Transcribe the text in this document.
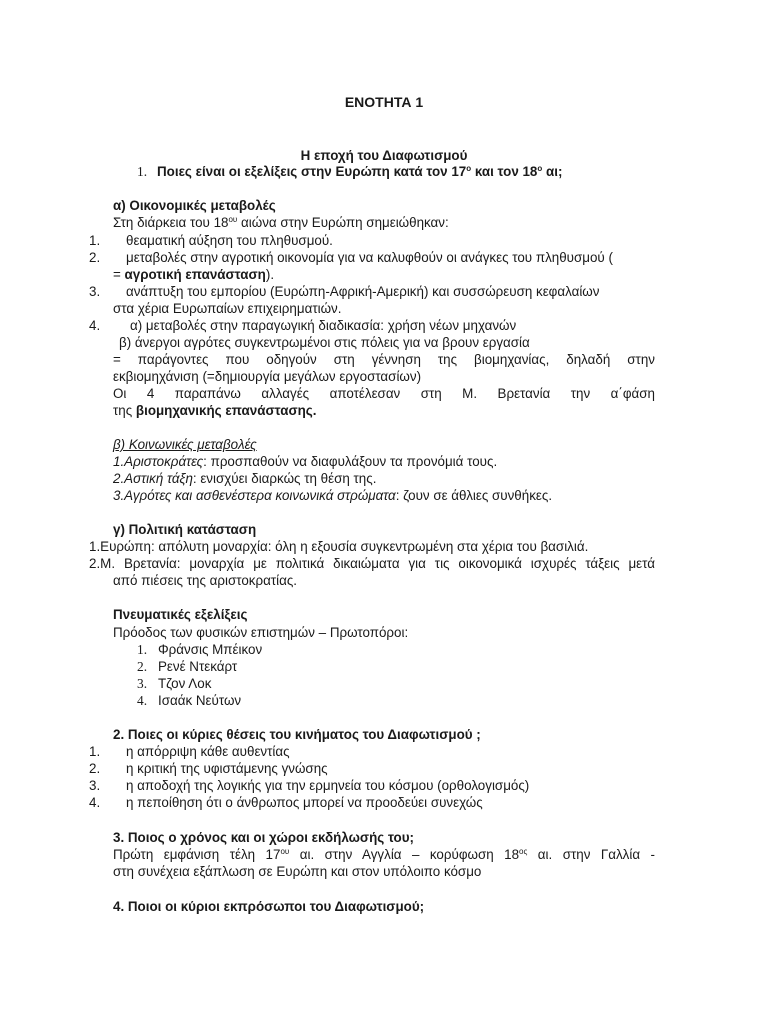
ΕΝΟΤΗΤΑ 1
Η εποχή του Διαφωτισμού
1. Ποιες είναι οι εξελίξεις στην Ευρώπη κατά τον $17^o$ και τον $18^o$ αι;
α) Οικονομικές μεταβολές
Στη διάρκεια του $18^{o\upsilon}$ αιώνα στην Ευρώπη σημειώθηκαν:
1. θεαματική αύξηση του πληθυσμού.
2. μεταβολές στην αγροτική οικονομία για να καλυφθούν οι ανάγκες του πληθυσμού (
= αγροτική επανάσταση).
3. ανάπτυξη του εμπορίου (Ευρώπη-Αφρική-Αμερική) και συσσώρευση κεφαλαίων
στα χέρια Ευρωπαίων επιχειρηματιών.
4. α) μεταβολές στην παραγωγική διαδικασία: χρήση νέων μηχανών
β) άνεργοι αγρότες συγκεντρωμένοι στις πόλεις για να βρουν εργασία
= παράγοντες που οδηγούν στη γέννηση της βιομηχανίας, δηλαδή στην
εκβιομηχάνιση (=δημιουργία μεγάλων εργοστασίων)
Οι 4 παραπάνω αλλαγές αποτέλεσαν στη Μ. Βρετανία την α΄φάση
της βιομηχανικής επανάστασης.
β) Κοινωνικές μεταβολές
1.Αριστοκράτες: προσπαθούν να διαφυλάξουν τα προνόμιά τους.
2.Αστική τάξη: ενισχύει διαρκώς τη θέση της.
3.Αγρότες και ασθενέστερα κοινωνικά στρώματα: ζουν σε άθλιες συνθήκες.
γ) Πολιτική κατάσταση
1.Ευρώπη: απόλυτη μοναρχία: όλη η εξουσία συγκεντρωμένη στα χέρια του βασιλιά.
2.Μ. Βρετανία: μοναρχία με πολιτικά δικαιώματα για τις οικονομικά ισχυρές τάξεις μετά
από πιέσεις της αριστοκρατίας.
Πνευματικές εξελίξεις
Πρόοδος των φυσικών επιστημών – Πρωτοπόροι:
1. Φράνσις Μπέικον
2. Ρενέ Ντεκάρτ
3. Τζον Λοκ
4. Ισαάκ Νεύτων
2. Ποιες οι κύριες θέσεις του κινήματος του Διαφωτισμού ;
1. η απόρριψη κάθε αυθεντίας
2. η κριτική της υφιστάμενης γνώσης
3. η αποδοχή της λογικής για την ερμηνεία του κόσμου (ορθολογισμός)
4. η πεποίθηση ότι ο άνθρωπος μπορεί να προοδεύει συνεχώς
3. Ποιος ο χρόνος και οι χώροι εκδήλωσής του;
Πρώτη εμφάνιση τέλη $17^{o\upsilon}$ αι. στην Αγγλία – κορύφωση $18^{o\varsigma}$ αι. στην Γαλλία -
στη συνέχεια εξάπλωση σε Ευρώπη και στον υπόλοιπο κόσμο
4. Ποιοι οι κύριοι εκπρόσωποι του Διαφωτισμού;
